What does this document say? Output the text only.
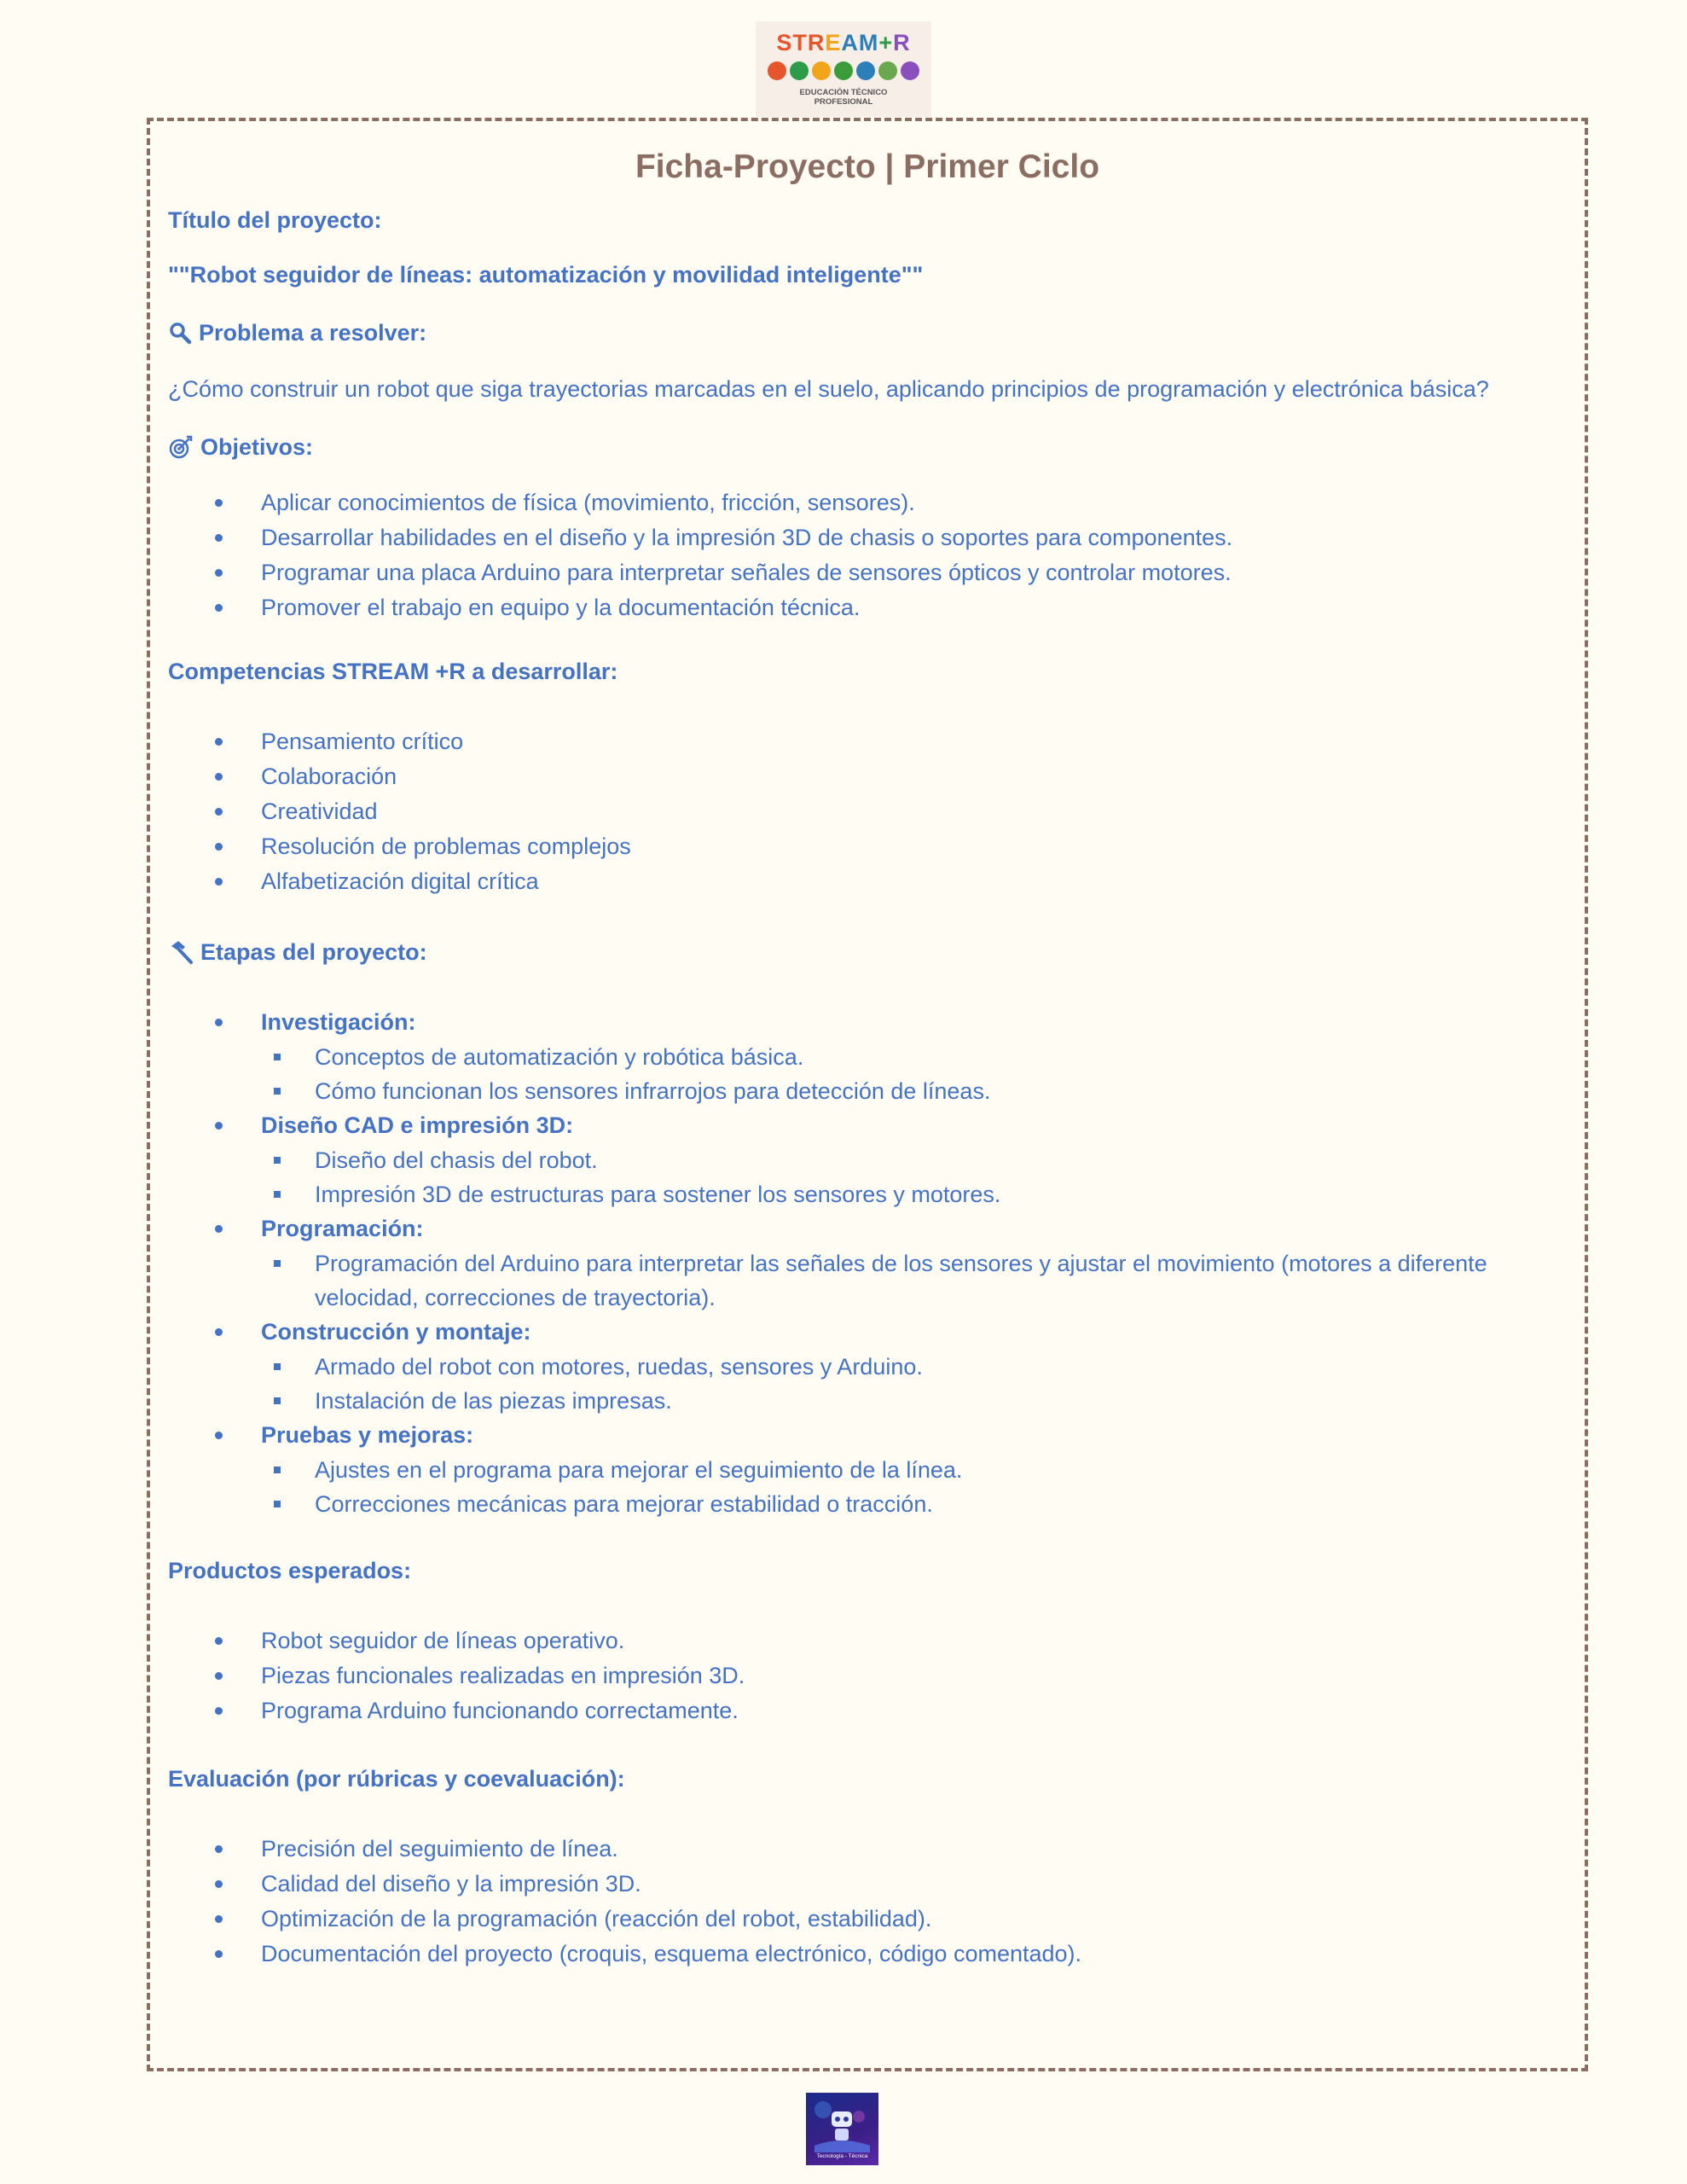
STREAM+R
EDUCACIÓN TÉCNICO
PROFESIONAL
Ficha-Proyecto | Primer Ciclo

Título del proyecto:

""Robot seguidor de líneas: automatización y movilidad inteligente""

Problema a resolver:

¿Cómo construir un robot que siga trayectorias marcadas en el suelo, aplicando principios de programación y electrónica básica?

Objetivos:
Aplicar conocimientos de física (movimiento, fricción, sensores).
Desarrollar habilidades en el diseño y la impresión 3D de chasis o soportes para componentes.
Programar una placa Arduino para interpretar señales de sensores ópticos y controlar motores.
Promover el trabajo en equipo y la documentación técnica.

Competencias STREAM +R a desarrollar:

Pensamiento crítico
Colaboración
Creatividad
Resolución de problemas complejos
Alfabetización digital crítica
Etapas del proyecto:
Investigación:
Conceptos de automatización y robótica básica.
Cómo funcionan los sensores infrarrojos para detección de líneas.
Diseño CAD e impresión 3D:
Diseño del chasis del robot.
Impresión 3D de estructuras para sostener los sensores y motores.
Programación:
Programación del Arduino para interpretar las señales de los sensores y ajustar el movimiento (motores a diferente velocidad, correcciones de trayectoria).
Construcción y montaje:
Armado del robot con motores, ruedas, sensores y Arduino.
Instalación de las piezas impresas.
Pruebas y mejoras:
Ajustes en el programa para mejorar el seguimiento de la línea.
Correcciones mecánicas para mejorar estabilidad o tracción.

Productos esperados:

Robot seguidor de líneas operativo.
Piezas funcionales realizadas en impresión 3D.
Programa Arduino funcionando correctamente.

Evaluación (por rúbricas y coevaluación):

Precisión del seguimiento de línea.
Calidad del diseño y la impresión 3D.
Optimización de la programación (reacción del robot, estabilidad).
Documentación del proyecto (croquis, esquema electrónico, código comentado).
Tecnología - Técnica
